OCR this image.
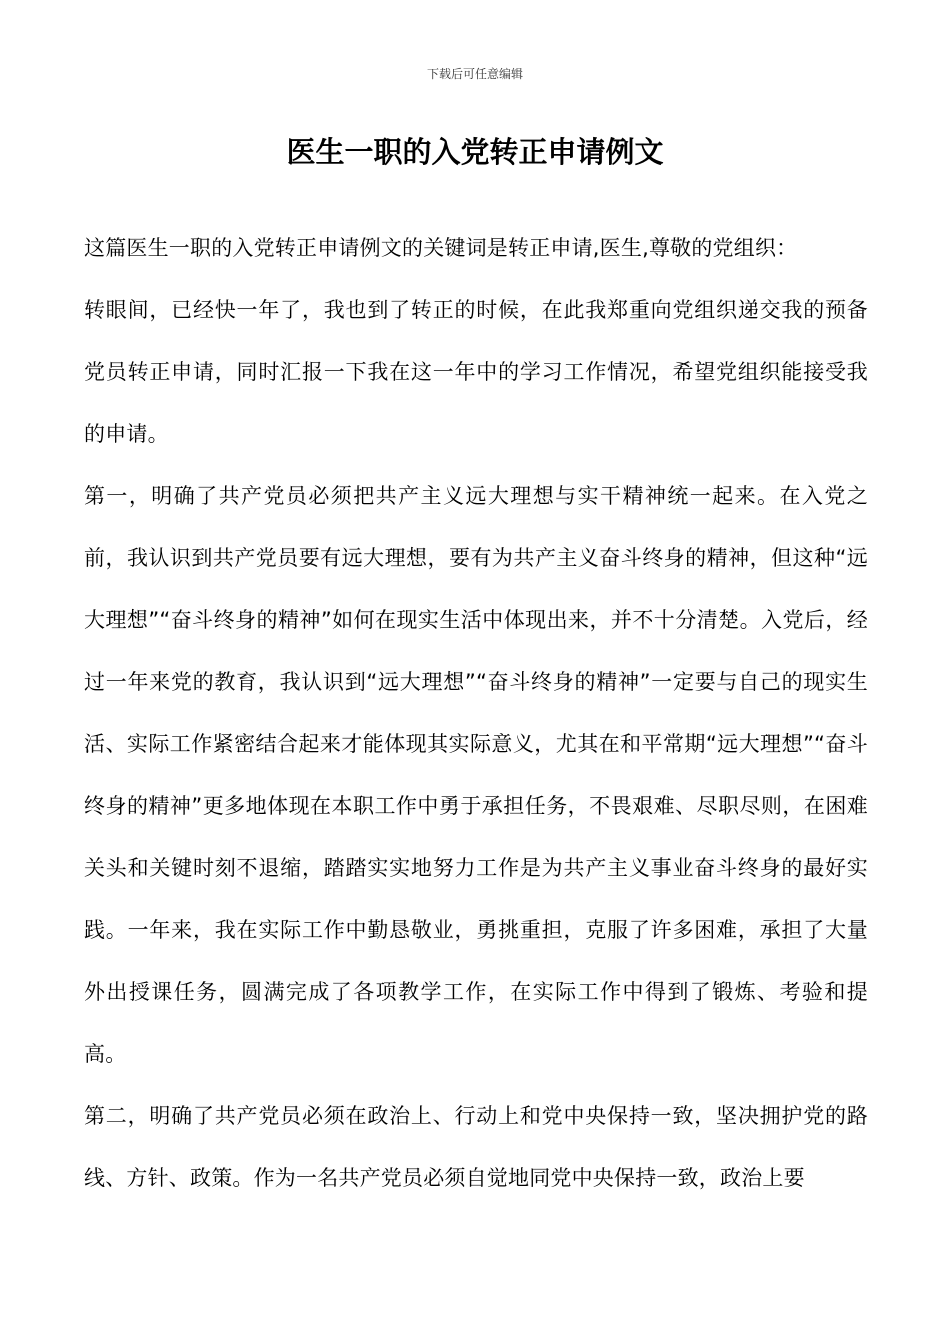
下载后可任意编辑
医生一职的入党转正申请例文

这篇医生一职的入党转正申请例文的关键词是转正申请,医生,尊敬的党组织：

转眼间，已经快一年了，我也到了转正的时候，在此我郑重向党组织递交我的预备党员转正申请，同时汇报一下我在这一年中的学习工作情况，希望党组织能接受我的申请。

第一，明确了共产党员必须把共产主义远大理想与实干精神统一起来。在入党之前，我认识到共产党员要有远大理想，要有为共产主义奋斗终身的精神，但这种“远大理想”“奋斗终身的精神”如何在现实生活中体现出来，并不十分清楚。入党后，经过一年来党的教育，我认识到“远大理想”“奋斗终身的精神”一定要与自己的现实生活、实际工作紧密结合起来才能体现其实际意义，尤其在和平常期“远大理想”“奋斗终身的精神”更多地体现在本职工作中勇于承担任务，不畏艰难、尽职尽则，在困难关头和关键时刻不退缩，踏踏实实地努力工作是为共产主义事业奋斗终身的最好实践。一年来，我在实际工作中勤恳敬业，勇挑重担，克服了许多困难，承担了大量外出授课任务，圆满完成了各项教学工作，在实际工作中得到了锻炼、考验和提高。

第二，明确了共产党员必须在政治上、行动上和党中央保持一致，坚决拥护党的路线、方针、政策。作为一名共产党员必须自觉地同党中央保持一致，政治上要
